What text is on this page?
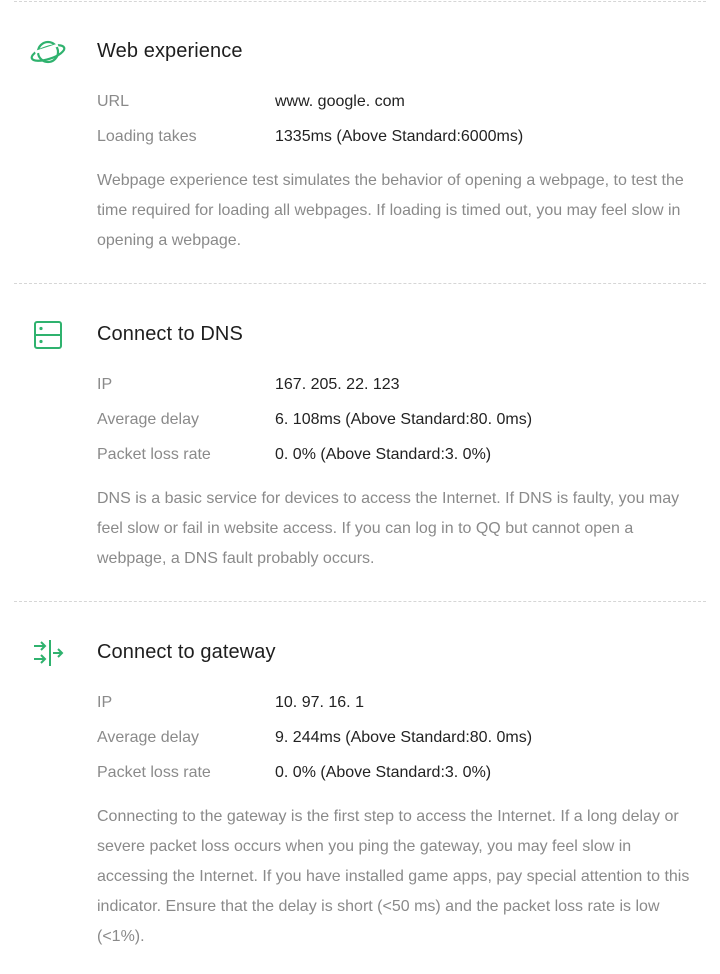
Web experience
URL	www. google. com
Loading takes	1335ms (Above Standard:6000ms)
Webpage experience test simulates the behavior of opening a webpage, to test the time required for loading all webpages. If loading is timed out, you may feel slow in opening a webpage.
Connect to DNS
IP	167. 205. 22. 123
Average delay	6. 108ms (Above Standard:80. 0ms)
Packet loss rate	0. 0% (Above Standard:3. 0%)
DNS is a basic service for devices to access the Internet. If DNS is faulty, you may feel slow or fail in website access. If you can log in to QQ but cannot open a webpage, a DNS fault probably occurs.
Connect to gateway
IP	10. 97. 16. 1
Average delay	9. 244ms (Above Standard:80. 0ms)
Packet loss rate	0. 0% (Above Standard:3. 0%)
Connecting to the gateway is the first step to access the Internet. If a long delay or severe packet loss occurs when you ping the gateway, you may feel slow in accessing the Internet. If you have installed game apps, pay special attention to this indicator. Ensure that the delay is short (<50 ms) and the packet loss rate is low (<1%).
